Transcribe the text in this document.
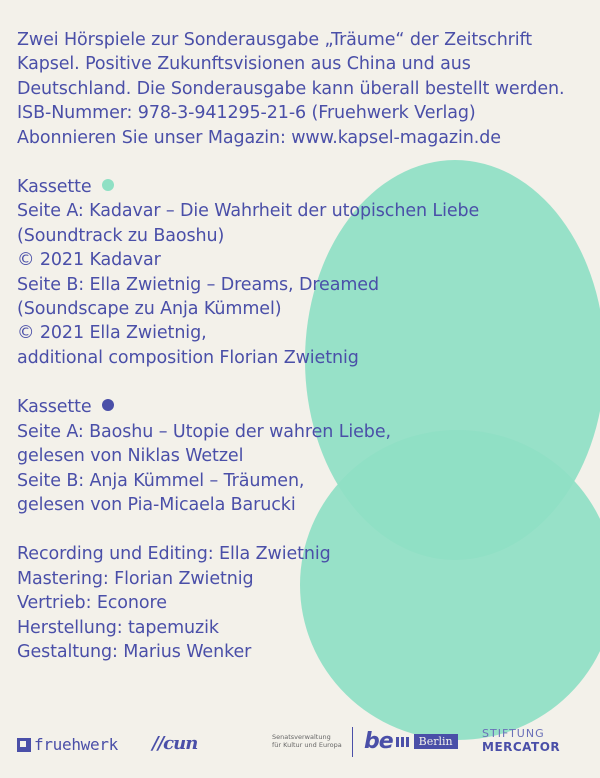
Zwei Hörspiele zur Sonderausgabe „Träume“ der Zeitschrift
Kapsel. Positive Zukunftsvisionen aus China und aus
Deutschland. Die Sonderausgabe kann überall bestellt werden.
ISB-Nummer: 978-3-941295-21-6 (Fruehwerk Verlag)
Abonnieren Sie unser Magazin: www.kapsel-magazin.de
Kassette
Seite A: Kadavar – Die Wahrheit der utopischen Liebe
(Soundtrack zu Baoshu)
© 2021 Kadavar
Seite B: Ella Zwietnig – Dreams, Dreamed
(Soundscape zu Anja Kümmel)
© 2021 Ella Zwietnig,
additional composition Florian Zwietnig
Kassette
Seite A: Baoshu – Utopie der wahren Liebe,
gelesen von Niklas Wetzel
Seite B: Anja Kümmel – Träumen,
gelesen von Pia-Micaela Barucki
Recording und Editing: Ella Zwietnig
Mastering: Florian Zwietnig
Vertrieb: Econore
Herstellung: tapemuzik
Gestaltung: Marius Wenker
fruehwerk //cun	Senatsverwaltung
für Kultur und Europa be	Berlin
STIFTUNG
MERCATOR
